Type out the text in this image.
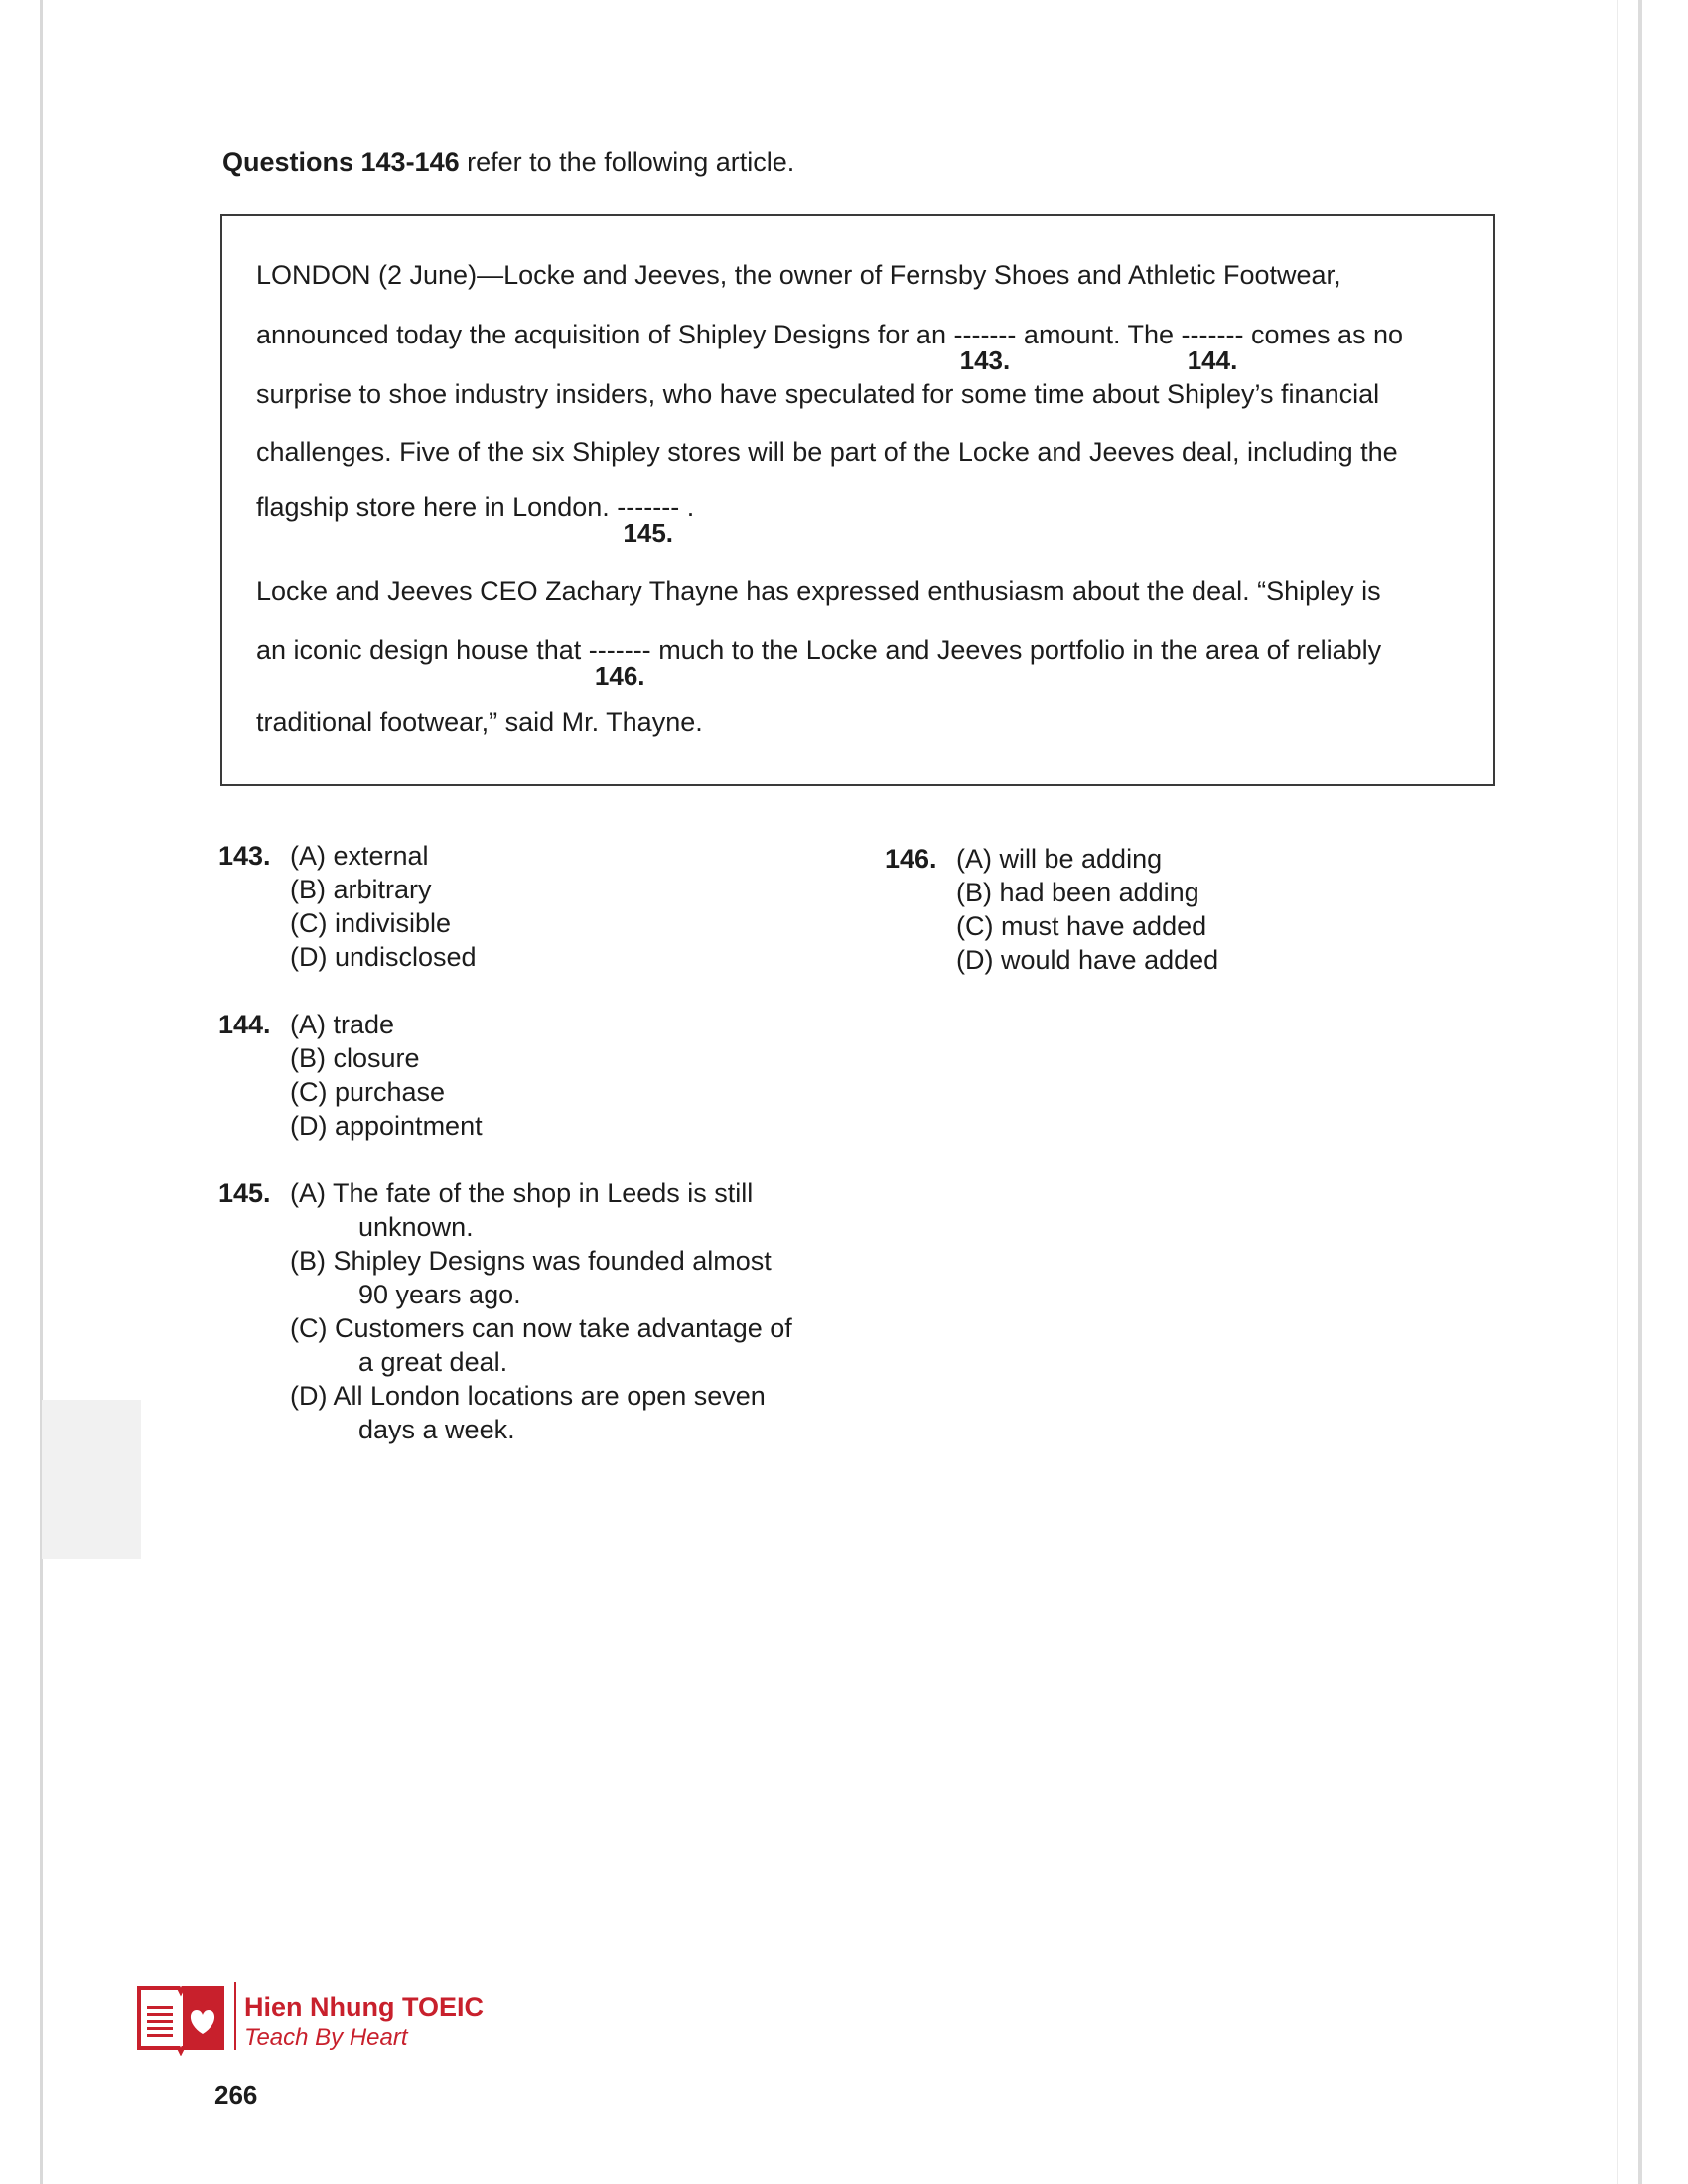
Questions 143-146 refer to the following article.
LONDON (2 June)—Locke and Jeeves, the owner of Fernsby Shoes and Athletic Footwear,
announced today the acquisition of Shipley Designs for an -------
143.
amount. The -------
144.
comes as no
surprise to shoe industry insiders, who have speculated for some time about Shipley’s financial
challenges. Five of the six Shipley stores will be part of the Locke and Jeeves deal, including the
flagship store here in London. -------
145.
.
Locke and Jeeves CEO Zachary Thayne has expressed enthusiasm about the deal. “Shipley is
an iconic design house that -------
146.
much to the Locke and Jeeves portfolio in the area of reliably
traditional footwear,” said Mr. Thayne.
143. (A) external
(B) arbitrary
(C) indivisible
(D) undisclosed
144. (A) trade
(B) closure
(C) purchase
(D) appointment
145. (A) The fate of the shop in Leeds is still
unknown.
(B) Shipley Designs was founded almost
90 years ago.
(C) Customers can now take advantage of
a great deal.
(D) All London locations are open seven
days a week.
146. (A) will be adding
(B) had been adding
(C) must have added
(D) would have added
Hien Nhung TOEIC
Teach By Heart
266
